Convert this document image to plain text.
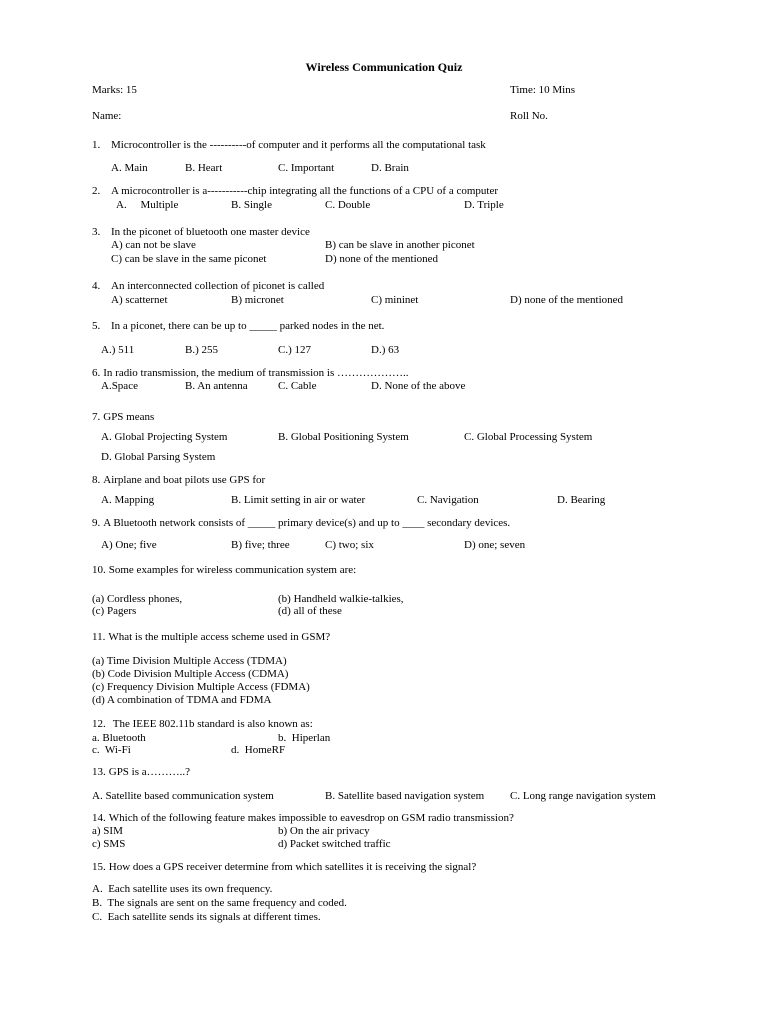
Wireless Communication Quiz
Marks: 15	Time: 10 Mins
Name:	Roll No.
1. Microcontroller is the ----------of computer and it performs all the computational task
A. Main	B. Heart	C. Important	D. Brain
2. A microcontroller is a-----------chip integrating all the functions of a CPU of a computer
A.     Multiple	B. Single	C. Double	D. Triple
3. In the piconet of bluetooth one master device
A) can not be slave	B) can be slave in another piconet
C) can be slave in the same piconet	D) none of the mentioned
4. An interconnected collection of piconet is called
A) scatternet	B) micronet	C) mininet	D) none of the mentioned
5. In a piconet, there can be up to _____ parked nodes in the net.
A.) 511	B.) 255	C.) 127	D.) 63
6. In radio transmission, the medium of transmission is ………………..
A.Space	B. An antenna	C. Cable	D. None of the above
7. GPS means
A. Global Projecting System	B. Global Positioning System	C. Global Processing System
D. Global Parsing System
8. Airplane and boat pilots use GPS for
A. Mapping	B. Limit setting in air or water	C. Navigation	D. Bearing
9. A Bluetooth network consists of _____ primary device(s) and up to ____ secondary devices.
A) One; five	B) five; three	C) two; six	D) one; seven
10. Some examples for wireless communication system are:
(a) Cordless phones,	(b) Handheld walkie-talkies,
(c) Pagers	(d) all of these
11. What is the multiple access scheme used in GSM?
(a) Time Division Multiple Access (TDMA)
(b) Code Division Multiple Access (CDMA)
(c) Frequency Division Multiple Access (FDMA)
(d) A combination of TDMA and FDMA
12. The IEEE 802.11b standard is also known as:
a. Bluetooth	b.  Hiperlan
c.  Wi-Fi	d.  HomeRF
13. GPS is a………..?
A. Satellite based communication system	B. Satellite based navigation system C. Long range navigation system
14. Which of the following feature makes impossible to eavesdrop on GSM radio transmission?
a) SIM	b) On the air privacy
c) SMS	d) Packet switched traffic
15. How does a GPS receiver determine from which satellites it is receiving the signal?
A.  Each satellite uses its own frequency.
B.  The signals are sent on the same frequency and coded.
C.  Each satellite sends its signals at different times.
